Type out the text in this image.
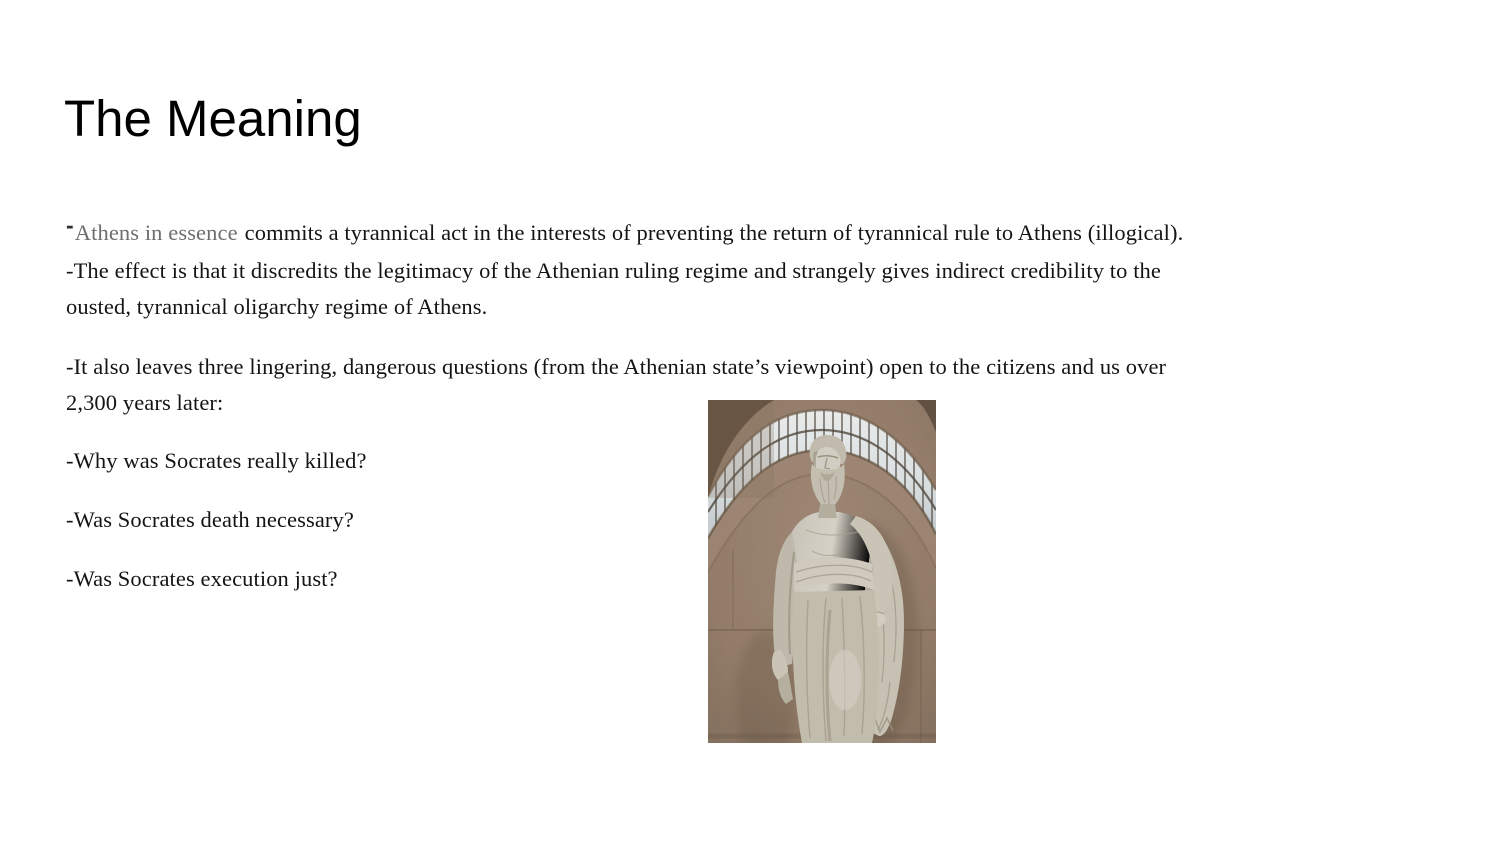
The Meaning
-Athens in essence commits a tyrannical act in the interests of preventing the return of tyrannical rule to Athens (illogical).
-The effect is that it discredits the legitimacy of the Athenian ruling regime and strangely gives indirect credibility to the
ousted, tyrannical oligarchy regime of Athens.
-It also leaves three lingering, dangerous questions (from the Athenian state’s viewpoint) open to the citizens and us over
2,300 years later:
-Why was Socrates really killed?
-Was Socrates death necessary?
-Was Socrates execution just?
